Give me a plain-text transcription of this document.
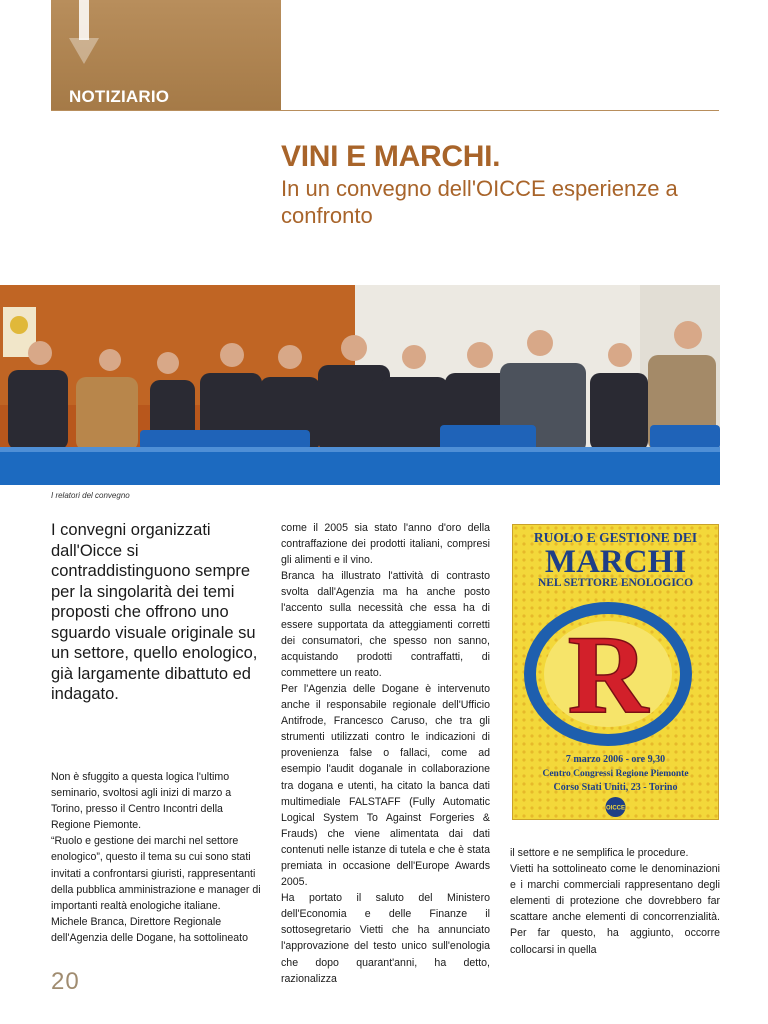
NOTIZIARIO
VINI E MARCHI.
In un convegno dell'OICCE esperienze a confronto
I relatori del convegno

I convegni organizzati dall'Oicce si contraddistinguono sempre per la singolarità dei temi proposti che offrono uno sguardo visuale originale su un settore, quello enologico, già largamente dibattuto ed indagato.

Non è sfuggito a questa logica l'ultimo seminario, svoltosi agli inizi di marzo a Torino, presso il Centro Incontri della Regione Piemonte.

“Ruolo e gestione dei marchi nel settore enologico”, questo il tema su cui sono stati invitati a confrontarsi giuristi, rappresentanti della pubblica amministrazione e manager di importanti realtà enologiche italiane.

Michele Branca, Direttore Regionale dell'Agenzia delle Dogane, ha sottolineato

come il 2005 sia stato l'anno d'oro della contraffazione dei prodotti italiani, compresi gli alimenti e il vino.

Branca ha illustrato l'attività di contrasto svolta dall'Agenzia ma ha anche posto l'accento sulla necessità che essa ha di essere supportata da atteggiamenti corretti dei consumatori, che spesso non sanno, acquistando prodotti contraffatti, di commettere un reato.

Per l'Agenzia delle Dogane è intervenuto anche il responsabile regionale dell'Ufficio Antifrode, Francesco Caruso, che tra gli strumenti utilizzati contro le indicazioni di provenienza false o fallaci, come ad esempio l'audit doganale in collaborazione tra dogana e utenti, ha citato la banca dati multimediale FALSTAFF (Fully Automatic Logical System To Against Forgeries & Frauds) che viene alimentata dai dati contenuti nelle istanze di tutela e che è stata premiata in occasione dell'Europe Awards 2005.

Ha portato il saluto del Ministero dell'Economia e delle Finanze il sottosegretario Vietti che ha annunciato l'approvazione del testo unico sull'enologia che dopo quarant'anni, ha detto, razionalizza

RUOLO E GESTIONE DEI
MARCHI
NEL SETTORE ENOLOGICO
R
7 marzo 2006 - ore 9,30
Centro Congressi Regione Piemonte
Corso Stati Uniti, 23 - Torino
OICCE

il settore e ne semplifica le procedure.

Vietti ha sottolineato come le denominazioni e i marchi commerciali rappresentano degli elementi di protezione che dovrebbero far scattare anche elementi di concorrenzialità. Per far questo, ha aggiunto, occorre collocarsi in quella

20
